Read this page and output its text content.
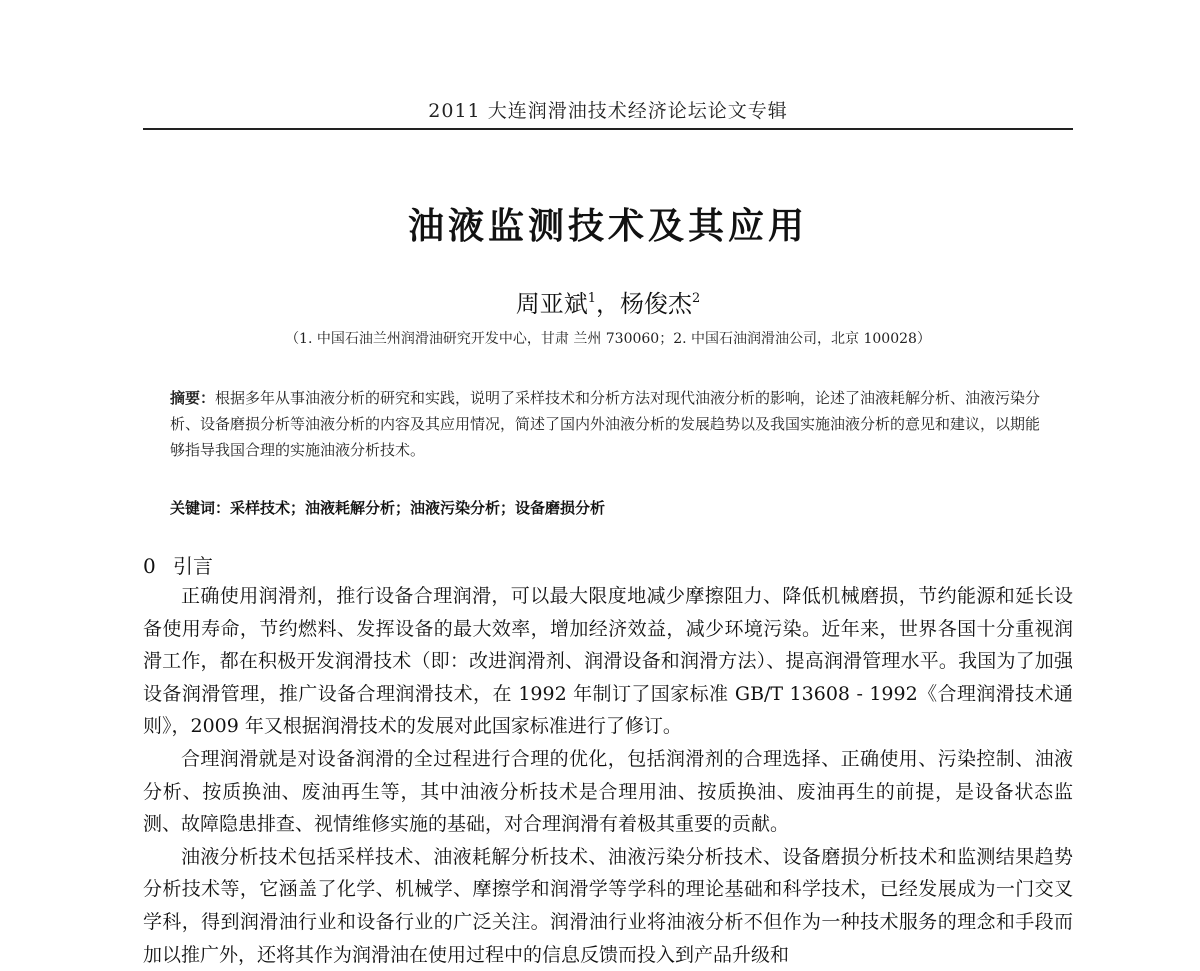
2011 大连润滑油技术经济论坛论文专辑
油液监测技术及其应用
周亚斌$^1$，杨俊杰$^2$
（1. 中国石油兰州润滑油研究开发中心，甘肃 兰州 730060；2. 中国石油润滑油公司，北京 100028）
摘要：根据多年从事油液分析的研究和实践，说明了采样技术和分析方法对现代油液分析的影响，论述了油液耗解分析、油液污染分析、设备磨损分析等油液分析的内容及其应用情况，简述了国内外油液分析的发展趋势以及我国实施油液分析的意见和建议，以期能够指导我国合理的实施油液分析技术。
关键词：采样技术；油液耗解分析；油液污染分析；设备磨损分析
0 引言

正确使用润滑剂，推行设备合理润滑，可以最大限度地减少摩擦阻力、降低机械磨损，节约能源和延长设备使用寿命，节约燃料、发挥设备的最大效率，增加经济效益，减少环境污染。近年来，世界各国十分重视润滑工作，都在积极开发润滑技术（即：改进润滑剂、润滑设备和润滑方法）、提高润滑管理水平。我国为了加强设备润滑管理，推广设备合理润滑技术，在 1992 年制订了国家标准 GB/T 13608 - 1992《合理润滑技术通则》，2009 年又根据润滑技术的发展对此国家标准进行了修订。

合理润滑就是对设备润滑的全过程进行合理的优化，包括润滑剂的合理选择、正确使用、污染控制、油液分析、按质换油、废油再生等，其中油液分析技术是合理用油、按质换油、废油再生的前提，是设备状态监测、故障隐患排查、视情维修实施的基础，对合理润滑有着极其重要的贡献。

油液分析技术包括采样技术、油液耗解分析技术、油液污染分析技术、设备磨损分析技术和监测结果趋势分析技术等，它涵盖了化学、机械学、摩擦学和润滑学等学科的理论基础和科学技术，已经发展成为一门交叉学科，得到润滑油行业和设备行业的广泛关注。润滑油行业将油液分析不但作为一种技术服务的理念和手段而加以推广外，还将其作为润滑油在使用过程中的信息反馈而投入到产品升级和
